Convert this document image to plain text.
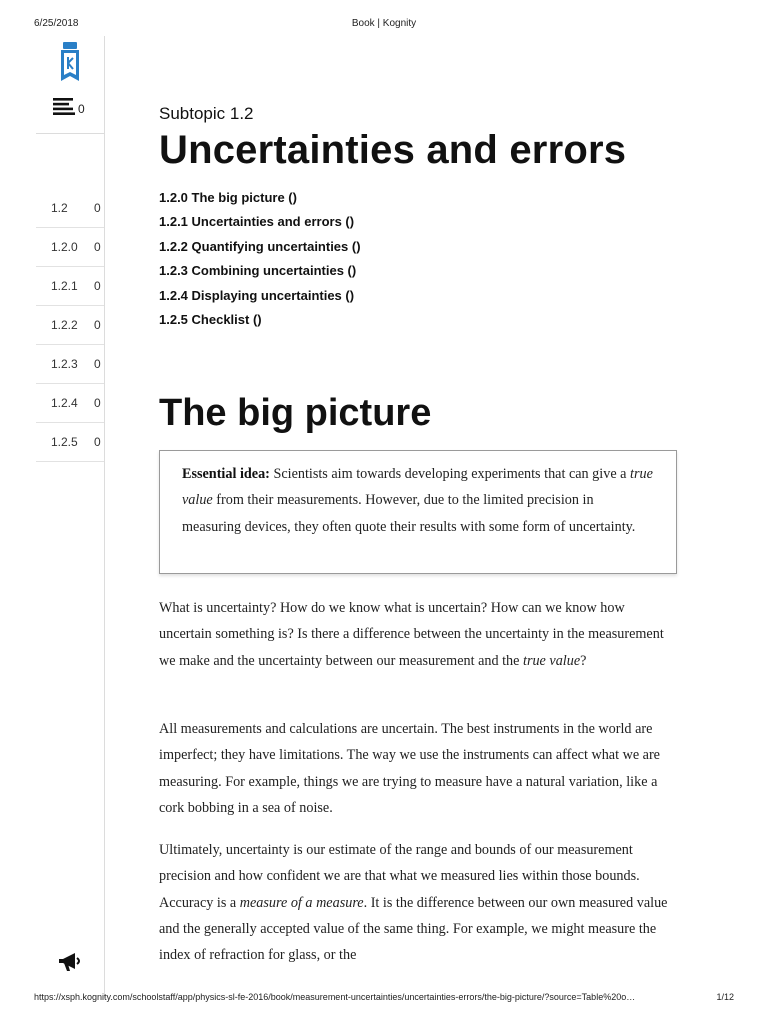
6/25/2018	Book | Kognity
0
1.2 0
1.2.0 0
1.2.1 0
1.2.2 0
1.2.3 0
1.2.4 0
1.2.5 0
Subtopic 1.2
Uncertainties and errors
1.2.0 The big picture ()
1.2.1 Uncertainties and errors ()
1.2.2 Quantifying uncertainties ()
1.2.3 Combining uncertainties ()
1.2.4 Displaying uncertainties ()
1.2.5 Checklist ()
The big picture
Essential idea: Scientists aim towards developing experiments that can give a true value from their measurements. However, due to the limited precision in measuring devices, they often quote their results with some form of uncertainty.

What is uncertainty? How do we know what is uncertain? How can we know how uncertain something is? Is there a difference between the uncertainty in the measurement we make and the uncertainty between our measurement and the true value?

All measurements and calculations are uncertain. The best instruments in the world are imperfect; they have limitations. The way we use the instruments can affect what we are measuring. For example, things we are trying to measure have a natural variation, like a cork bobbing in a sea of noise.

Ultimately, uncertainty is our estimate of the range and bounds of our measurement precision and how confident we are that what we measured lies within those bounds. Accuracy is a measure of a measure. It is the difference between our own measured value and the generally accepted value of the same thing. For example, we might measure the index of refraction for glass, or the

https://xsph.kognity.com/schoolstaff/app/physics-sl-fe-2016/book/measurement-uncertainties/uncertainties-errors/the-big-picture/?source=Table%20o…	1/12
